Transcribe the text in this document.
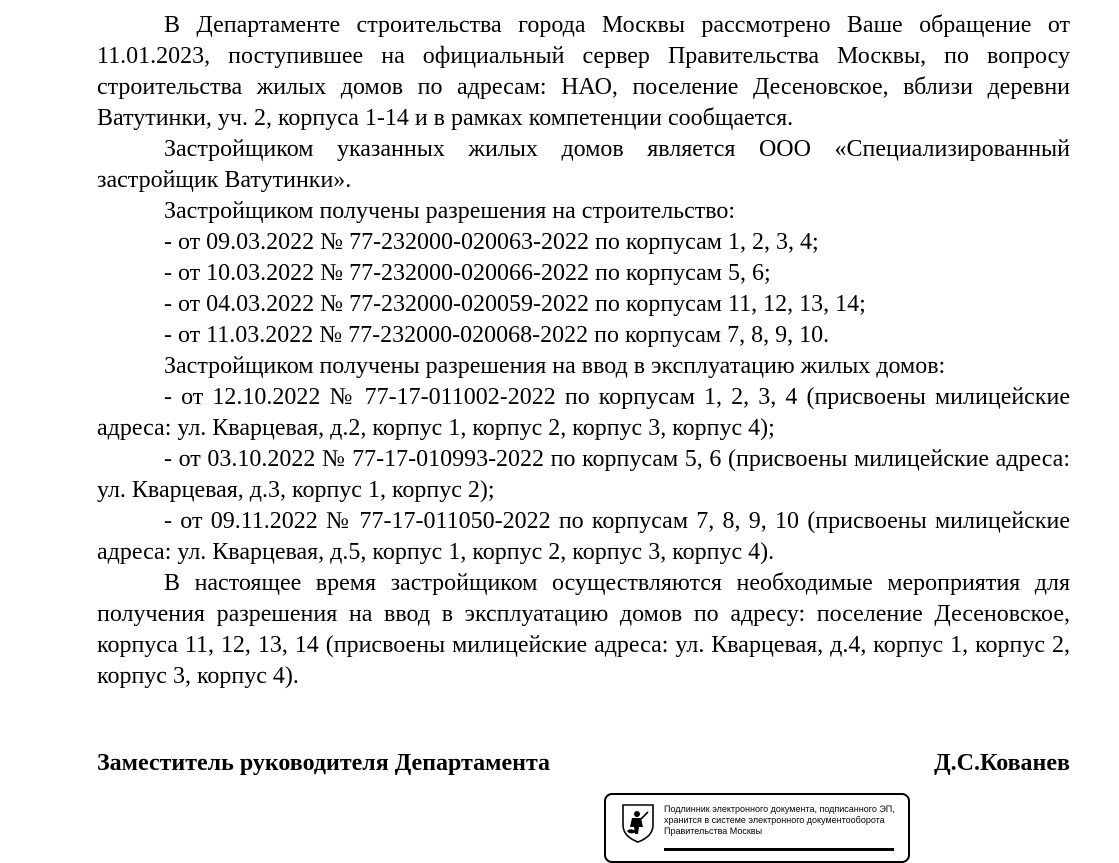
В Департаменте строительства города Москвы рассмотрено Ваше обращение от 11.01.2023, поступившее на официальный сервер Правительства Москвы, по вопросу строительства жилых домов по адресам: НАО, поселение Десеновское, вблизи деревни Ватутинки, уч. 2, корпуса 1-14 и в рамках компетенции сообщается.

Застройщиком указанных жилых домов является ООО «Специализированный застройщик Ватутинки».

Застройщиком получены разрешения на строительство:

- от 09.03.2022 № 77-232000-020063-2022 по корпусам 1, 2, 3, 4;

- от 10.03.2022 № 77-232000-020066-2022 по корпусам 5, 6;

- от 04.03.2022 № 77-232000-020059-2022 по корпусам 11, 12, 13, 14;

- от 11.03.2022 № 77-232000-020068-2022 по корпусам 7, 8, 9, 10.

Застройщиком получены разрешения на ввод в эксплуатацию жилых домов:

- от 12.10.2022 № 77-17-011002-2022 по корпусам 1, 2, 3, 4 (присвоены милицейские адреса: ул. Кварцевая, д.2, корпус 1, корпус 2, корпус 3, корпус 4);

- от 03.10.2022 № 77-17-010993-2022 по корпусам 5, 6 (присвоены милицейские адреса: ул. Кварцевая, д.3, корпус 1, корпус 2);

- от 09.11.2022 № 77-17-011050-2022 по корпусам 7, 8, 9, 10 (присвоены милицейские адреса: ул. Кварцевая, д.5, корпус 1, корпус 2, корпус 3, корпус 4).

В настоящее время застройщиком осуществляются необходимые мероприятия для получения разрешения на ввод в эксплуатацию домов по адресу: поселение Десеновское, корпуса 11, 12, 13, 14 (присвоены милицейские адреса: ул. Кварцевая, д.4, корпус 1, корпус 2, корпус 3, корпус 4).

Заместитель руководителя Департамента	Д.С.Кованев
Подлинник электронного документа, подписанного ЭП,
хранится в системе электронного документооборота
Правительства Москвы
